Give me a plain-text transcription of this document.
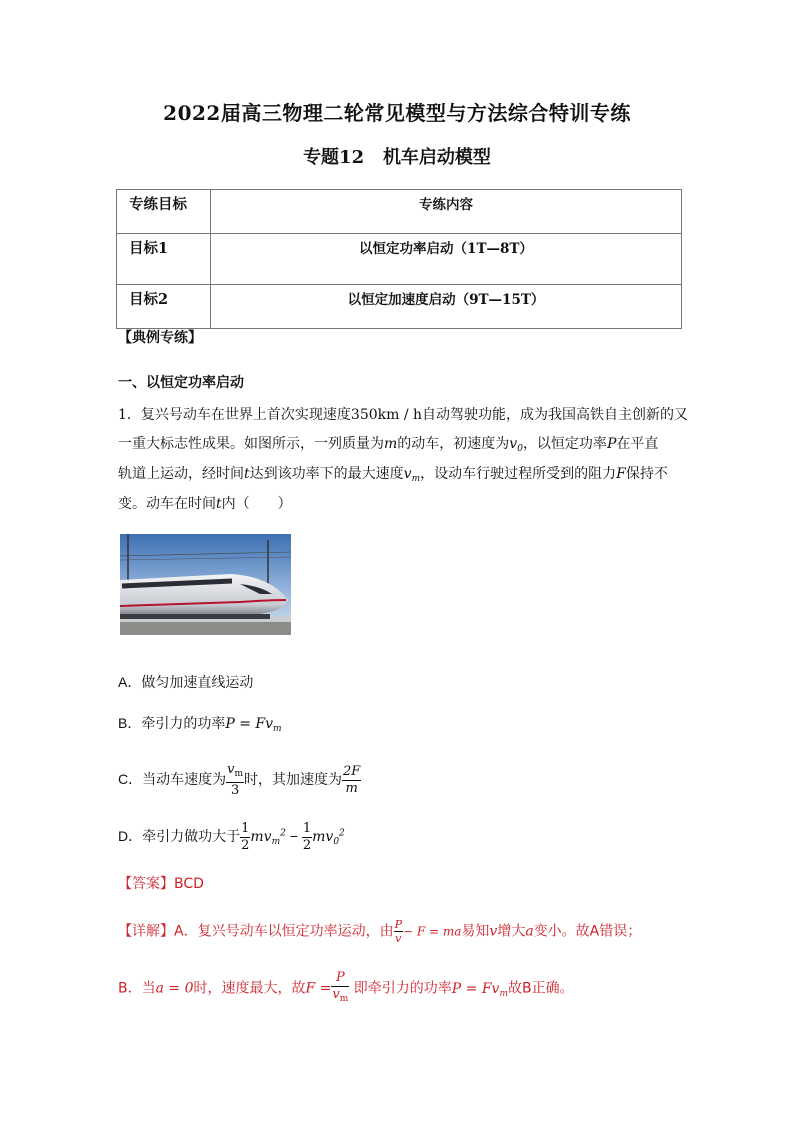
2022届高三物理二轮常见模型与方法综合特训专练
专题12 机车启动模型
专练目标	专练内容
目标1	以恒定功率启动（1T—8T）
目标2	以恒定加速度启动（9T—15T）
【典例专练】
一、以恒定功率启动
1．复兴号动车在世界上首次实现速度350km / h自动驾驶功能，成为我国高铁自主创新的又
一重大标志性成果。如图所示，一列质量为m的动车，初速度为$v_0$，以恒定功率P在平直
轨道上运动，经时间t达到该功率下的最大速度$v_m$，设动车行驶过程所受到的阻力F保持不
变。动车在时间t内（　　）
A．做匀加速直线运动
B．牵引力的功率$P = Fv_m$
C．当动车速度为 $\frac{v_m}{3}$ 时，其加速度为 $\frac{2F}{m}$
D．牵引力做功大于 $\frac{1}{2} mv_m^2 - \frac{1}{2} mv_0^2$
【答案】BCD
【详解】A．复兴号动车以恒定功率运动，由 $\frac{P}{v} - F$ = ma易知v增大a变小。故A错误；
B．当a = 0时，速度最大，故$F = \frac{P}{v_m}$ 即牵引力的功率$P = Fv_m$故B正确。
